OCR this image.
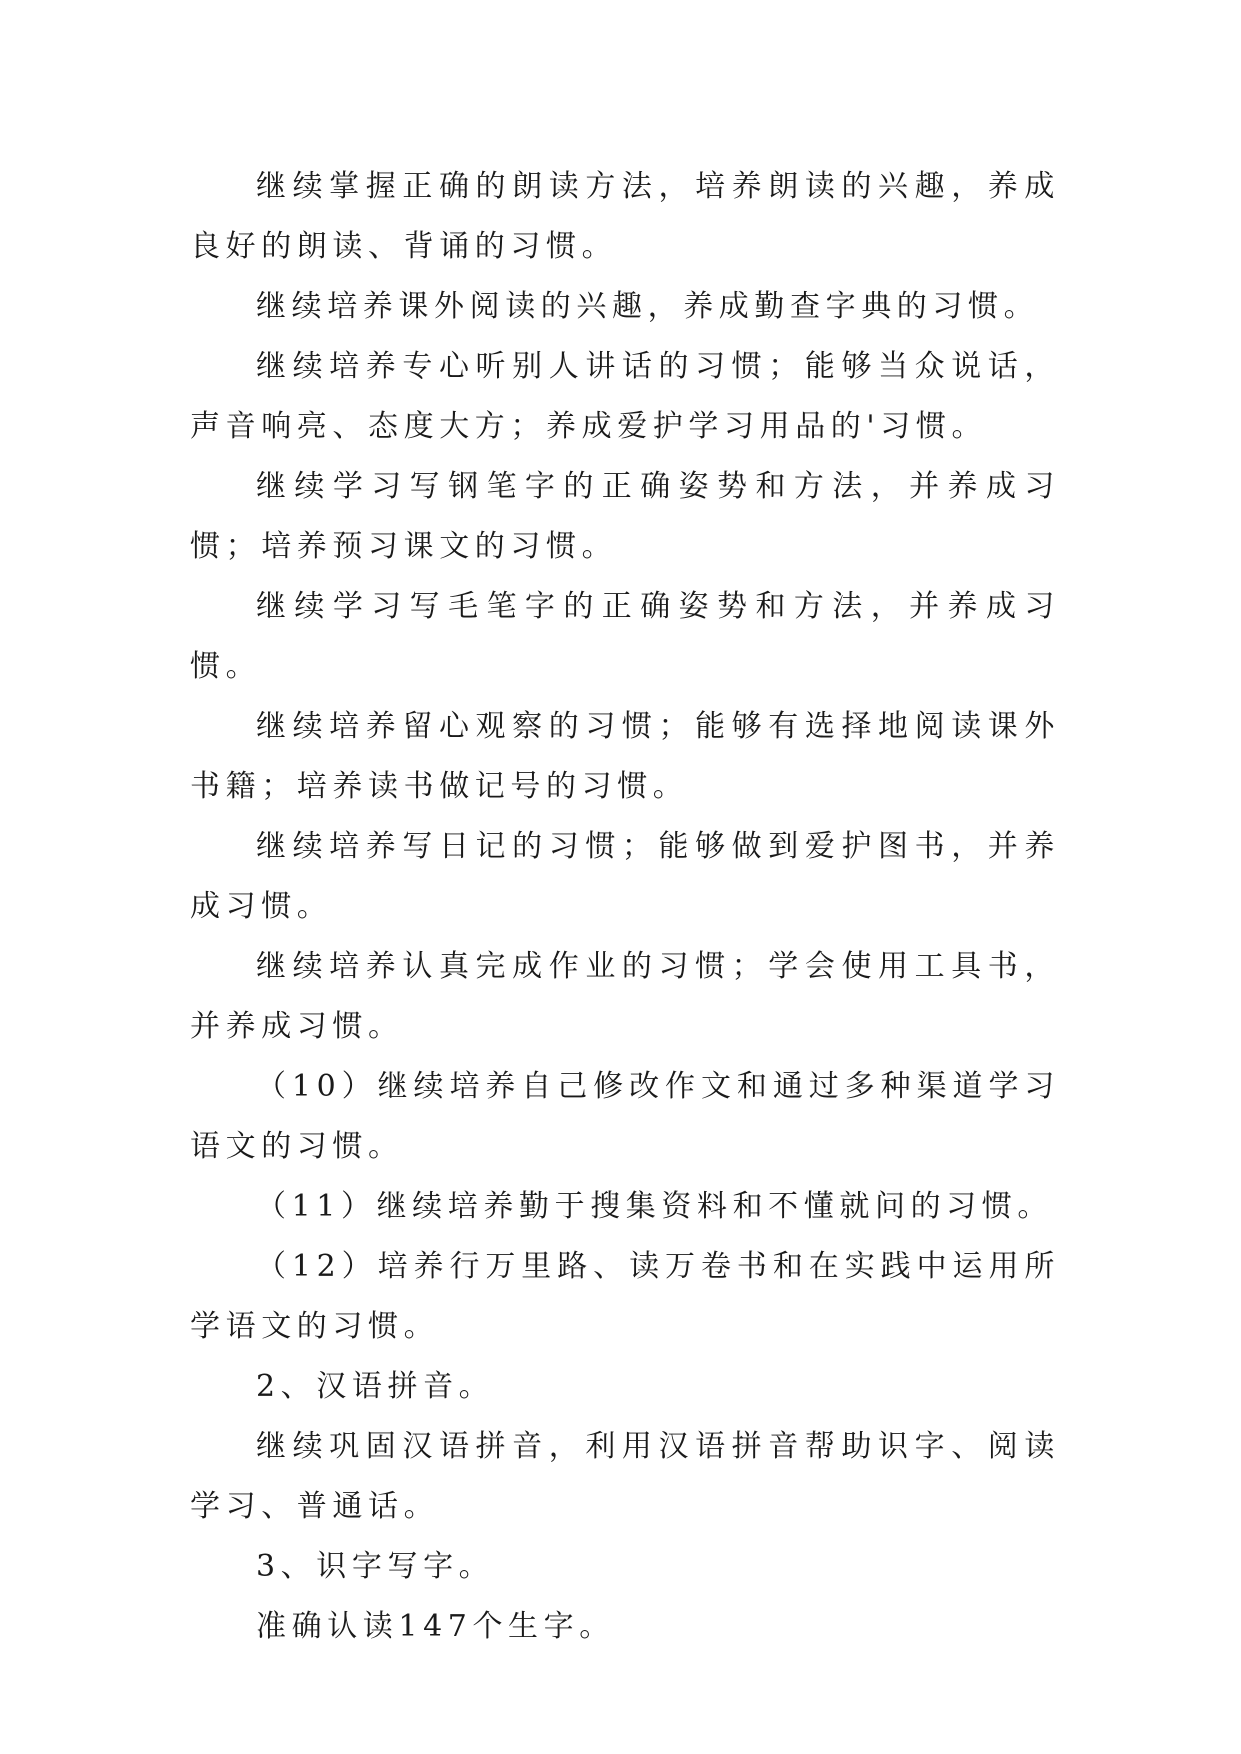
继续掌握正确的朗读方法，培养朗读的兴趣，养成良好的朗读、背诵的习惯。

继续培养课外阅读的兴趣，养成勤查字典的习惯。

继续培养专心听别人讲话的习惯；能够当众说话，声音响亮、态度大方；养成爱护学习用品的'习惯。

继续学习写钢笔字的正确姿势和方法，并养成习惯；培养预习课文的习惯。

继续学习写毛笔字的正确姿势和方法，并养成习惯。

继续培养留心观察的习惯；能够有选择地阅读课外书籍；培养读书做记号的习惯。

继续培养写日记的习惯；能够做到爱护图书，并养成习惯。

继续培养认真完成作业的习惯；学会使用工具书，并养成习惯。

（10）继续培养自己修改作文和通过多种渠道学习语文的习惯。

（11）继续培养勤于搜集资料和不懂就问的习惯。

（12）培养行万里路、读万卷书和在实践中运用所学语文的习惯。

2、汉语拼音。

继续巩固汉语拼音，利用汉语拼音帮助识字、阅读学习、普通话。

3、识字写字。

准确认读147个生字。
